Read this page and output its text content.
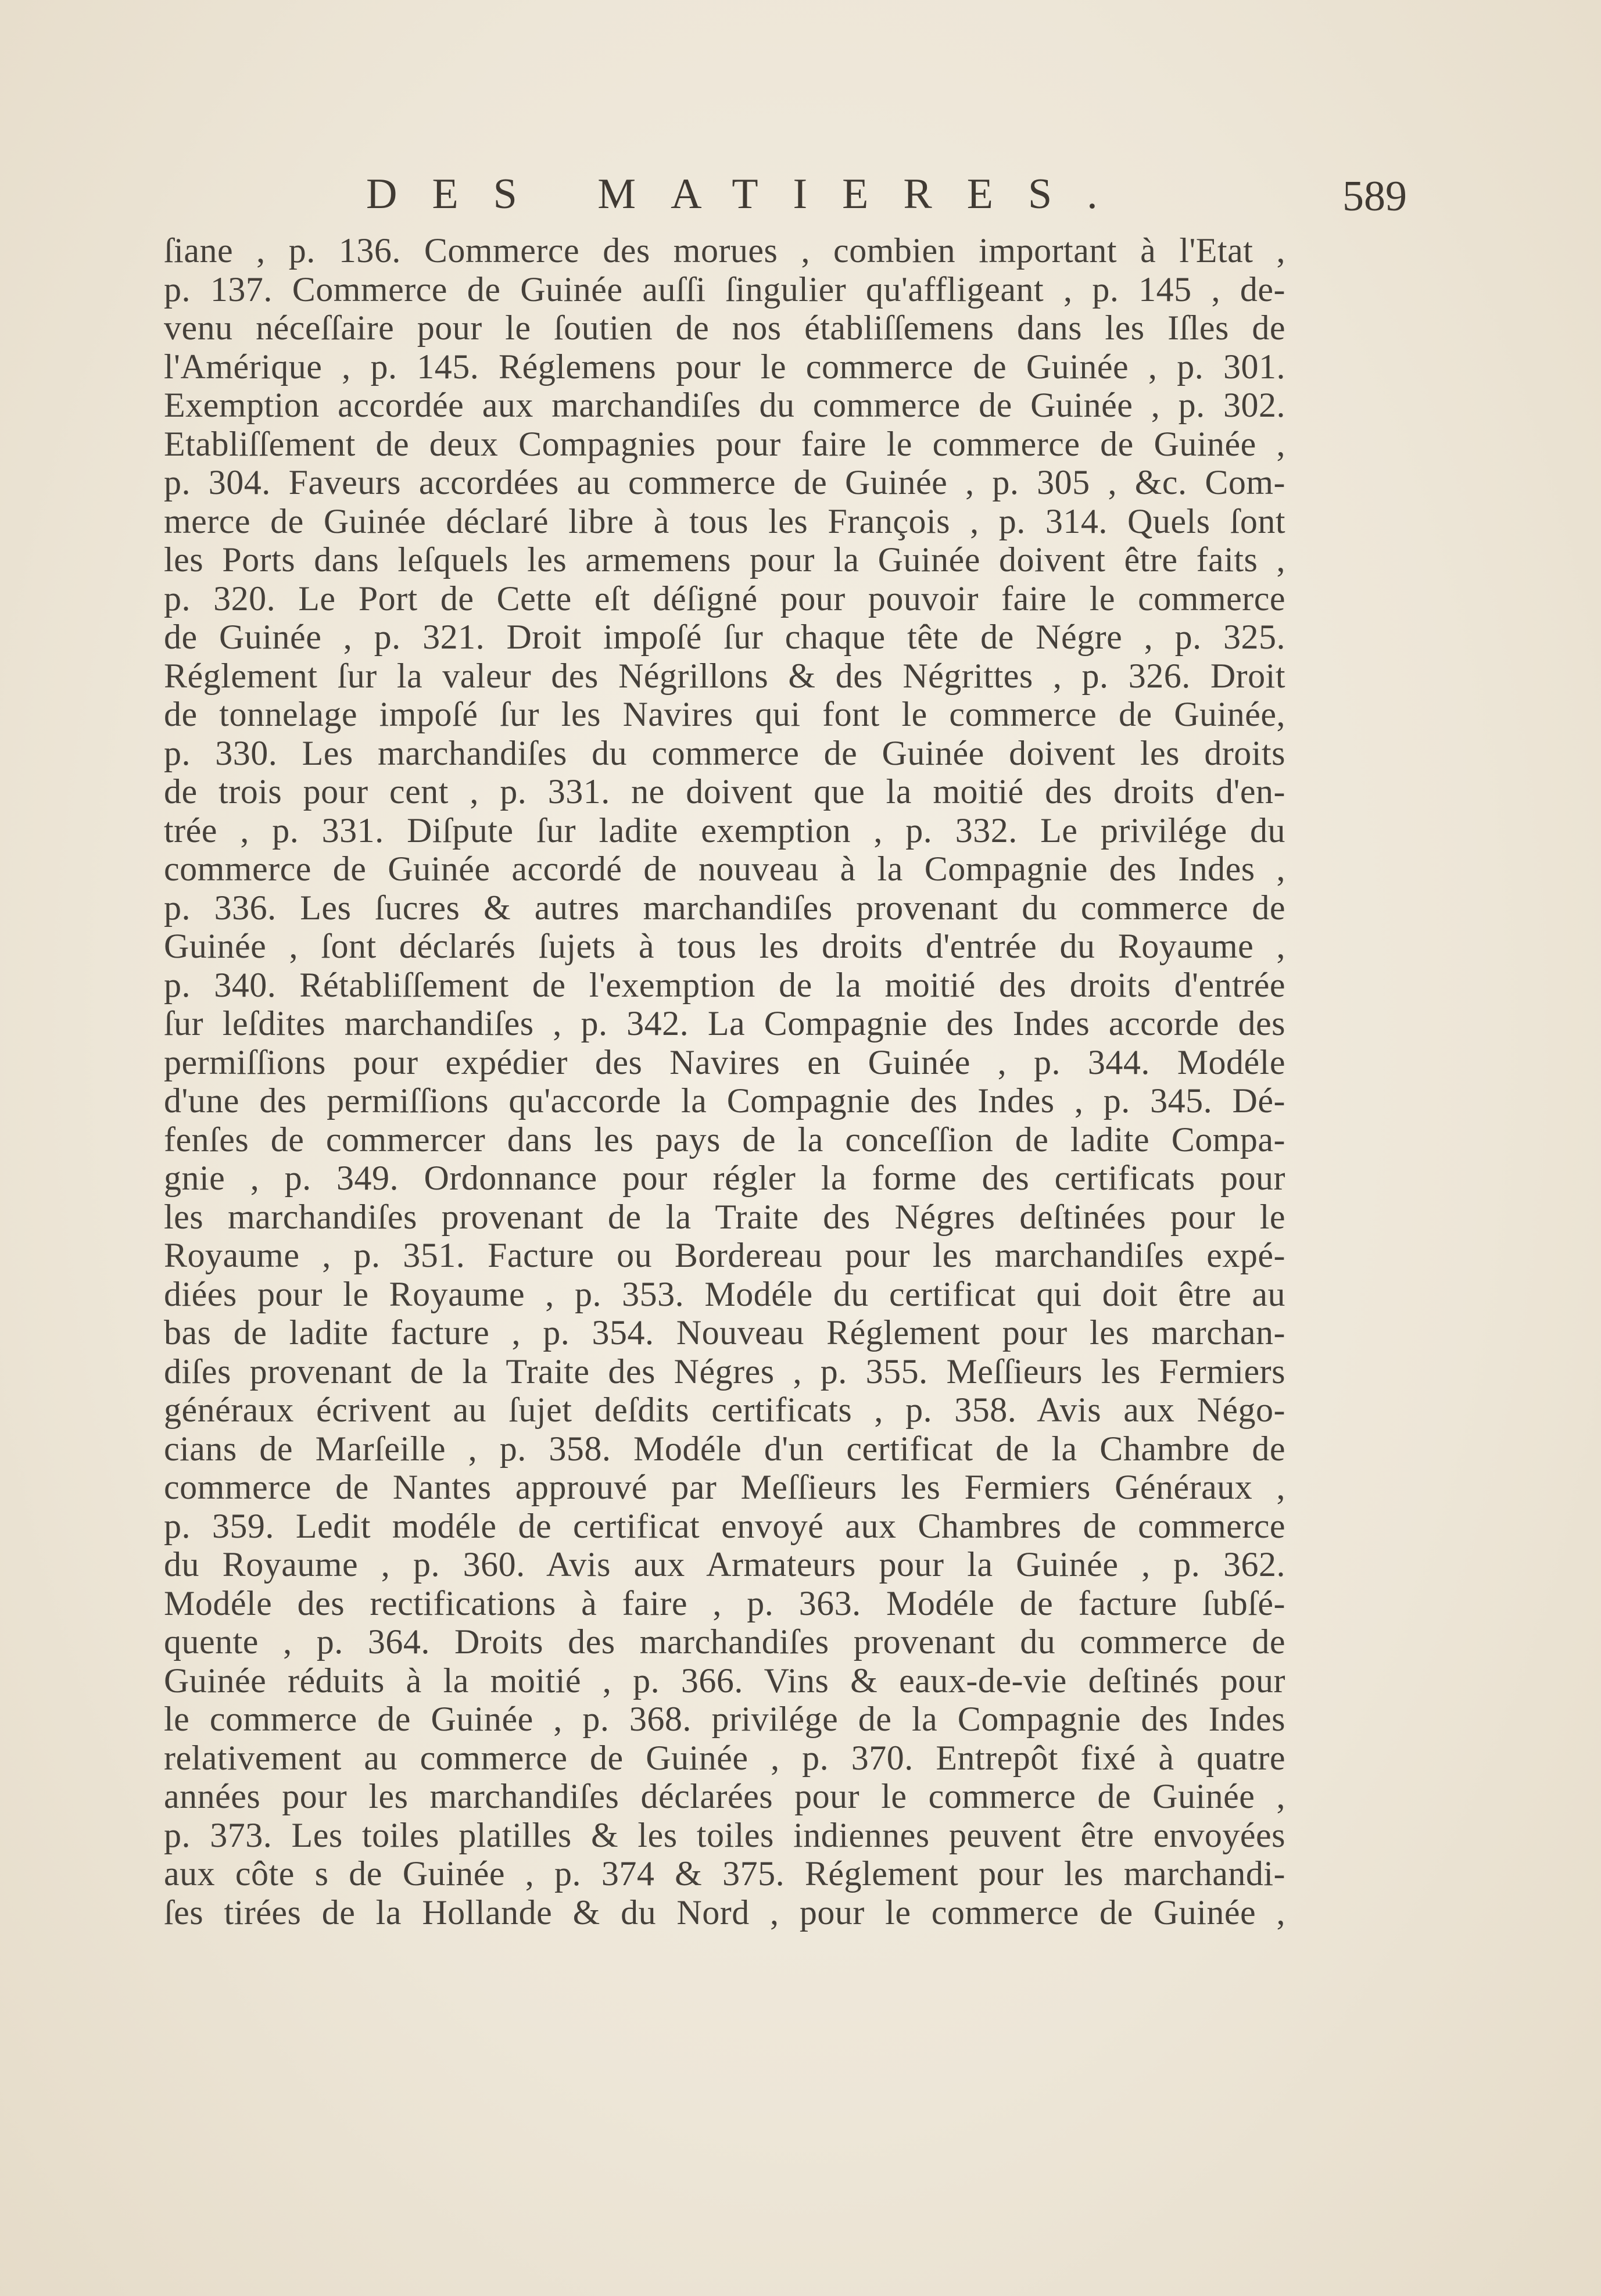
DES MATIERES.	589
ſiane , p. 136. Commerce des morues , combien important à l'Etat ,
p. 137. Commerce de Guinée auſſi ſingulier qu'affligeant , p. 145 , de-
venu néceſſaire pour le ſoutien de nos établiſſemens dans les Iſles de
l'Amérique , p. 145. Réglemens pour le commerce de Guinée , p. 301.
Exemption accordée aux marchandiſes du commerce de Guinée , p. 302.
Etabliſſement de deux Compagnies pour faire le commerce de Guinée ,
p. 304. Faveurs accordées au commerce de Guinée , p. 305 , &c. Com-
merce de Guinée déclaré libre à tous les François , p. 314. Quels ſont
les Ports dans leſquels les armemens pour la Guinée doivent être faits ,
p. 320. Le Port de Cette eſt déſigné pour pouvoir faire le commerce
de Guinée , p. 321. Droit impoſé ſur chaque tête de Négre , p. 325.
Réglement ſur la valeur des Négrillons & des Négrittes , p. 326. Droit
de tonnelage impoſé ſur les Navires qui font le commerce de Guinée,
p. 330. Les marchandiſes du commerce de Guinée doivent les droits
de trois pour cent , p. 331. ne doivent que la moitié des droits d'en-
trée , p. 331. Diſpute ſur ladite exemption , p. 332. Le privilége du
commerce de Guinée accordé de nouveau à la Compagnie des Indes ,
p. 336. Les ſucres & autres marchandiſes provenant du commerce de
Guinée , ſont déclarés ſujets à tous les droits d'entrée du Royaume ,
p. 340. Rétabliſſement de l'exemption de la moitié des droits d'entrée
ſur leſdites marchandiſes , p. 342. La Compagnie des Indes accorde des
permiſſions pour expédier des Navires en Guinée , p. 344. Modéle
d'une des permiſſions qu'accorde la Compagnie des Indes , p. 345. Dé-
fenſes de commercer dans les pays de la conceſſion de ladite Compa-
gnie , p. 349. Ordonnance pour régler la forme des certificats pour
les marchandiſes provenant de la Traite des Négres deſtinées pour le
Royaume , p. 351. Facture ou Bordereau pour les marchandiſes expé-
diées pour le Royaume , p. 353. Modéle du certificat qui doit être au
bas de ladite facture , p. 354. Nouveau Réglement pour les marchan-
diſes provenant de la Traite des Négres , p. 355. Meſſieurs les Fermiers
généraux écrivent au ſujet deſdits certificats , p. 358. Avis aux Négo-
cians de Marſeille , p. 358. Modéle d'un certificat de la Chambre de
commerce de Nantes approuvé par Meſſieurs les Fermiers Généraux ,
p. 359. Ledit modéle de certificat envoyé aux Chambres de commerce
du Royaume , p. 360. Avis aux Armateurs pour la Guinée , p. 362.
Modéle des rectifications à faire , p. 363. Modéle de facture ſubſé-
quente , p. 364. Droits des marchandiſes provenant du commerce de
Guinée réduits à la moitié , p. 366. Vins & eaux-de-vie deſtinés pour
le commerce de Guinée , p. 368. privilége de la Compagnie des Indes
relativement au commerce de Guinée , p. 370. Entrepôt fixé à quatre
années pour les marchandiſes déclarées pour le commerce de Guinée ,
p. 373. Les toiles platilles & les toiles indiennes peuvent être envoyées
aux côte s de Guinée , p. 374 & 375. Réglement pour les marchandi-
ſes tirées de la Hollande & du Nord , pour le commerce de Guinée ,
